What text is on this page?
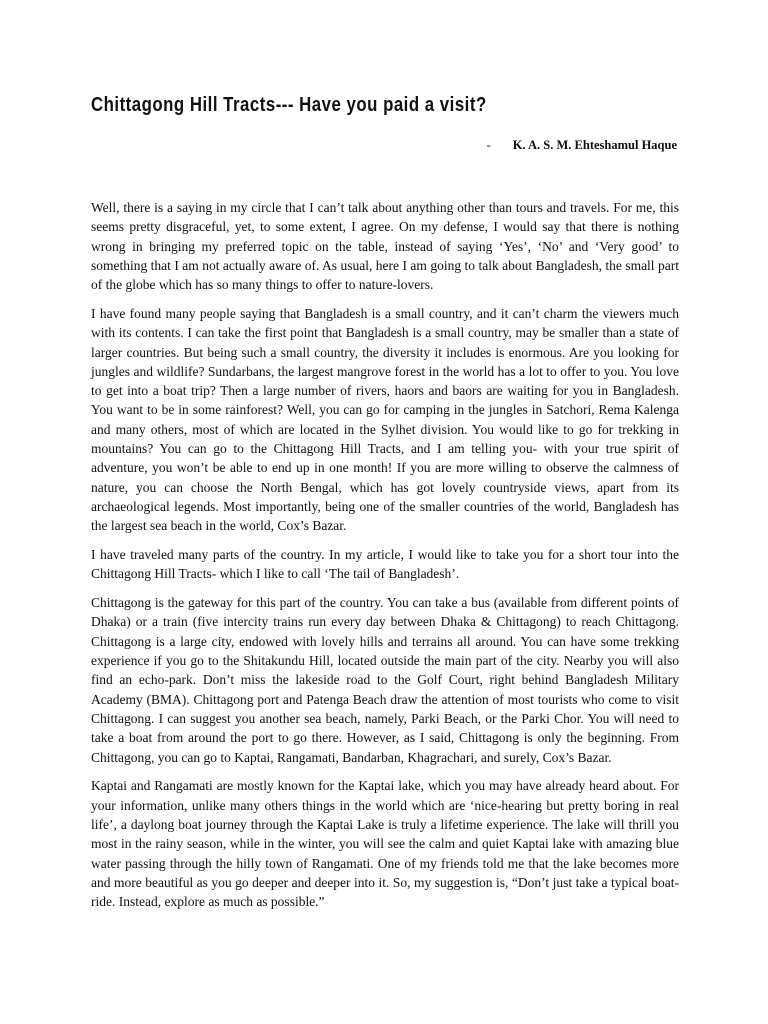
Chittagong Hill Tracts--- Have you paid a visit?
- K. A. S. M. Ehteshamul Haque

Well, there is a saying in my circle that I can’t talk about anything other than tours and travels. For me, this seems pretty disgraceful, yet, to some extent, I agree. On my defense, I would say that there is nothing wrong in bringing my preferred topic on the table, instead of saying ‘Yes’, ‘No’ and ‘Very good’ to something that I am not actually aware of. As usual, here I am going to talk about Bangladesh, the small part of the globe which has so many things to offer to nature-lovers.

I have found many people saying that Bangladesh is a small country, and it can’t charm the viewers much with its contents. I can take the first point that Bangladesh is a small country, may be smaller than a state of larger countries. But being such a small country, the diversity it includes is enormous. Are you looking for jungles and wildlife? Sundarbans, the largest mangrove forest in the world has a lot to offer to you. You love to get into a boat trip? Then a large number of rivers, haors and baors are waiting for you in Bangladesh. You want to be in some rainforest? Well, you can go for camping in the jungles in Satchori, Rema Kalenga and many others, most of which are located in the Sylhet division. You would like to go for trekking in mountains? You can go to the Chittagong Hill Tracts, and I am telling you- with your true spirit of adventure, you won’t be able to end up in one month! If you are more willing to observe the calmness of nature, you can choose the North Bengal, which has got lovely countryside views, apart from its archaeological legends. Most importantly, being one of the smaller countries of the world, Bangladesh has the largest sea beach in the world, Cox’s Bazar.

I have traveled many parts of the country. In my article, I would like to take you for a short tour into the Chittagong Hill Tracts- which I like to call ‘The tail of Bangladesh’.

Chittagong is the gateway for this part of the country. You can take a bus (available from different points of Dhaka) or a train (five intercity trains run every day between Dhaka & Chittagong) to reach Chittagong. Chittagong is a large city, endowed with lovely hills and terrains all around. You can have some trekking experience if you go to the Shitakundu Hill, located outside the main part of the city. Nearby you will also find an echo-park. Don’t miss the lakeside road to the Golf Court, right behind Bangladesh Military Academy (BMA). Chittagong port and Patenga Beach draw the attention of most tourists who come to visit Chittagong. I can suggest you another sea beach, namely, Parki Beach, or the Parki Chor. You will need to take a boat from around the port to go there. However, as I said, Chittagong is only the beginning. From Chittagong, you can go to Kaptai, Rangamati, Bandarban, Khagrachari, and surely, Cox’s Bazar.

Kaptai and Rangamati are mostly known for the Kaptai lake, which you may have already heard about. For your information, unlike many others things in the world which are ‘nice-hearing but pretty boring in real life’, a daylong boat journey through the Kaptai Lake is truly a lifetime experience. The lake will thrill you most in the rainy season, while in the winter, you will see the calm and quiet Kaptai lake with amazing blue water passing through the hilly town of Rangamati. One of my friends told me that the lake becomes more and more beautiful as you go deeper and deeper into it. So, my suggestion is, “Don’t just take a typical boat-ride. Instead, explore as much as possible.”
